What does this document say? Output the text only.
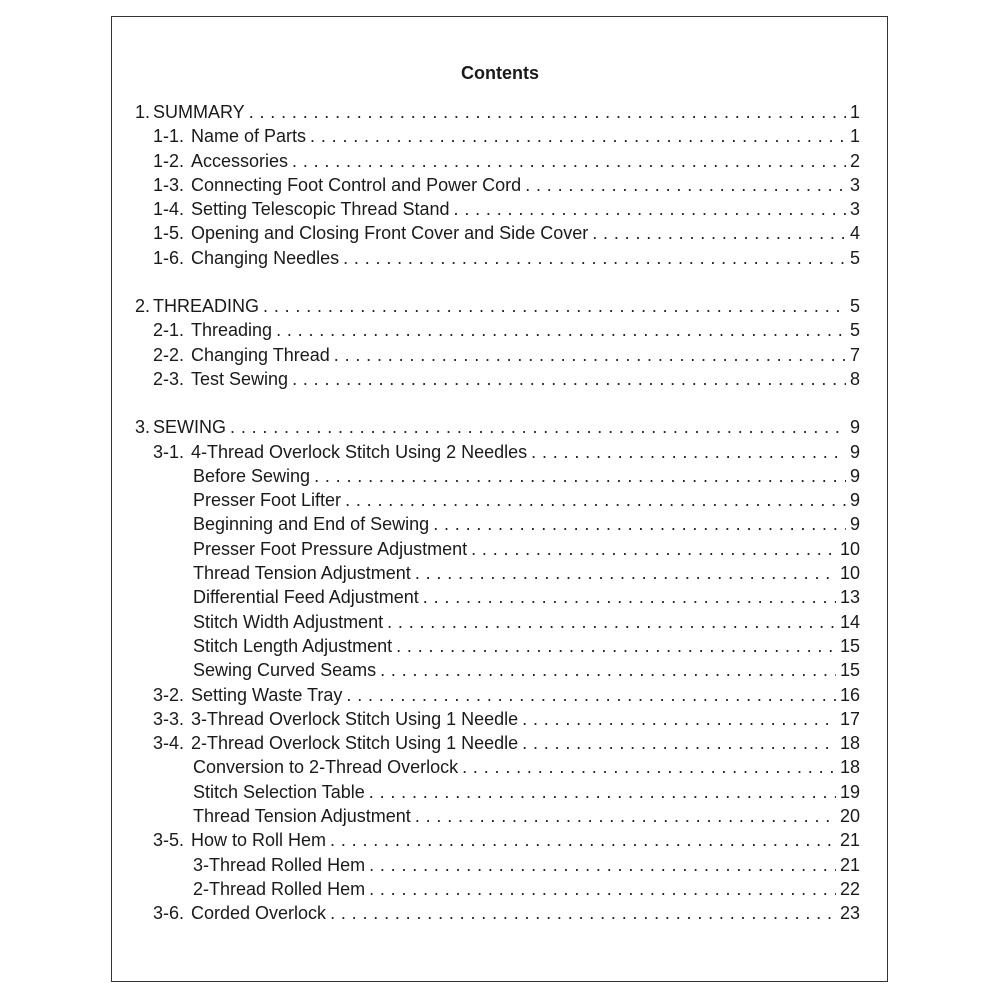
Contents
1. SUMMARY . . .	1
1-1. Name of Parts . . .	1
1-2. Accessories . . .	2
1-3. Connecting Foot Control and Power Cord . . .	3
1-4. Setting Telescopic Thread Stand . . .	3
1-5. Opening and Closing Front Cover and Side Cover . . .	4
1-6. Changing Needles . . .	5
2. THREADING . . .	5
2-1. Threading . . .	5
2-2. Changing Thread . . .	7
2-3. Test Sewing . . .	8
3. SEWING . . .	9
3-1. 4-Thread Overlock Stitch Using 2 Needles . . .	9
Before Sewing . . .	9
Presser Foot Lifter . . .	9
Beginning and End of Sewing . . .	9
Presser Foot Pressure Adjustment . . .	10
Thread Tension Adjustment . . .	10
Differential Feed Adjustment . . .	13
Stitch Width Adjustment . . .	14
Stitch Length Adjustment . . .	15
Sewing Curved Seams . . .	15
3-2. Setting Waste Tray . . .	16
3-3. 3-Thread Overlock Stitch Using 1 Needle . . .	17
3-4. 2-Thread Overlock Stitch Using 1 Needle . . .	18
Conversion to 2-Thread Overlock . . .	18
Stitch Selection Table . . .	19
Thread Tension Adjustment . . .	20
3-5. How to Roll Hem . . .	21
3-Thread Rolled Hem . . .	21
2-Thread Rolled Hem . . .	22
3-6. Corded Overlock . . .	23
